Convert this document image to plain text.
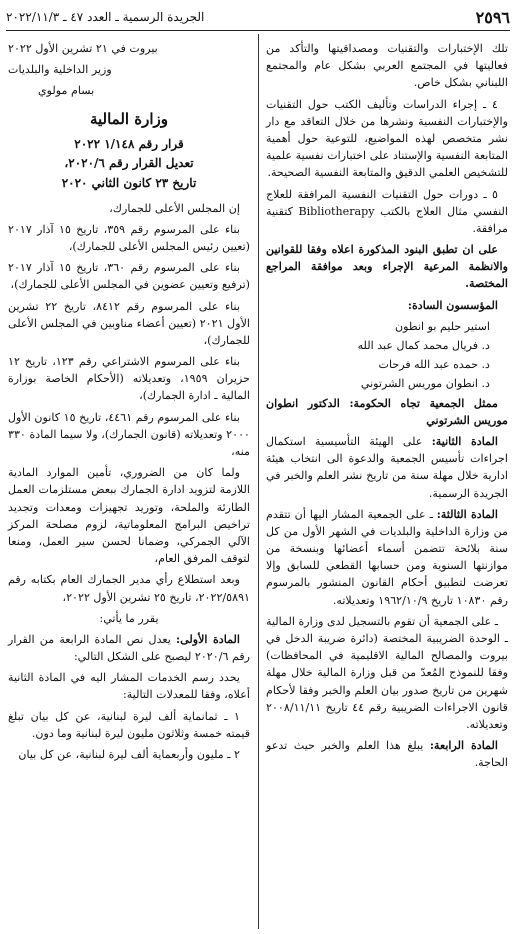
٢٥٩٦
الجريدة الرسمية ـ العدد ٤٧ ـ ٢٠٢٢/١١/٣

تلك الإختبارات والتقنيات ومصداقيتها والتأكد من فعاليتها في المجتمع العربي بشكل عام والمجتمع اللبناني بشكل خاص.

٤ ـ إجراء الدراسات وتأليف الكتب حول التقنيات والإختبارات النفسية ونشرها من خلال التعاقد مع دار نشر متخصص لهذه المواضيع، للتوعية حول أهمية المتابعة النفسية والإستناد على اختبارات نفسية علمية للتشخيص العلمي الدقيق والمتابعة النفسية الصحيحة.

٥ ـ دورات حول التقنيات النفسية المرافقة للعلاج النفسي مثال العلاج بالكتب Bibliotherapy كتقنية مرافقة.

على ان تطبق البنود المذكورة اعلاه وفقا للقوانين والانظمة المرعية الإجراء وبعد موافقة المراجع المختصة.

المؤسسون السادة:

استير حليم بو انطون

د. فريال محمد كمال عبد الله

د. حمده عبد الله فرحات

د. انطوان موريس الشرتوني

ممثل الجمعية تجاه الحكومة: الدكتور انطوان موريس الشرتوني

المادة الثانية: على الهيئة التأسيسية استكمال اجراءات تأسيس الجمعية والدعوة الى انتخاب هيئة ادارية خلال مهلة سنة من تاريخ نشر العلم والخبر في الجريدة الرسمية.

المادة الثالثة: ـ على الجمعية المشار اليها أن تتقدم من وزارة الداخلية والبلديات في الشهر الأول من كل سنة بلائحة تتضمن أسماء أعضائها وبنسخة من موازنتها السنوية ومن حسابها القطعي للسابق وإلا تعرضت لتطبيق أحكام القانون المنشور بالمرسوم رقم ١٠٨٣٠ تاريخ ١٩٦٢/١٠/٩ وتعديلاته.

ـ على الجمعية أن تقوم بالتسجيل لدى وزارة المالية ـ الوحدة الضريبية المختصة (دائرة ضريبة الدخل في بيروت والمصالح المالية الاقليمية في المحافظات) وفقا للنموذج المُعدّ من قبل وزارة المالية خلال مهلة شهرين من تاريخ صدور بيان العلم والخبر وفقا لأحكام قانون الاجراءات الضريبية رقم ٤٤ تاريخ ٢٠٠٨/١١/١١ وتعديلاته.

المادة الرابعة: يبلغ هذا العلم والخبر حيث تدعو الحاجة.

بيروت في ٢١ تشرين الأول ٢٠٢٢

وزير الداخلية والبلديات

بسام مولوي

وزارة المالية
قرار رقم ١/١٤٨ ٢٠٢٢
تعديل القرار رقم ٢٠٢٠/٦،
تاريخ ٢٣ كانون الثاني ٢٠٢٠

إن المجلس الأعلى للجمارك،

بناء على المرسوم رقم ٣٥٩، تاريخ ١٥ آذار ٢٠١٧ (تعيين رئيس المجلس الأعلى للجمارك)،

بناء على المرسوم رقم ٣٦٠، تاريخ ١٥ آذار ٢٠١٧ (ترفيع وتعيين عضوين في المجلس الأعلى للجمارك)،

بناء على المرسوم رقم ٨٤١٢، تاريخ ٢٢ تشرين الأول ٢٠٢١ (تعيين أعضاء مناوبين في المجلس الأعلى للجمارك)،

بناء على المرسوم الاشتراعي رقم ١٢٣، تاريخ ١٢ حزيران ١٩٥٩، وتعديلاته (الأحكام الخاصة بوزارة المالية ـ ادارة الجمارك)،

بناء على المرسوم رقم ٤٤٦١، تاريخ ١٥ كانون الأول ٢٠٠٠ وتعديلاته (قانون الجمارك)، ولا سيما المادة ٣٣٠ منه،

ولما كان من الضروري، تأمين الموارد المادية اللازمة لتزويد ادارة الجمارك ببعض مستلزمات العمل الطارئة والملحة، وتوريد تجهيزات ومعدات وتجديد تراخيص البرامج المعلوماتية، لزوم مصلحة المركز الآلي الجمركي، وضمانا لحسن سير العمل، ومنعا لتوقف المرفق العام،

وبعد استطلاع رأي مدير الجمارك العام بكتابه رقم ٢٠٢٢/٥٨٩١، تاريخ ٢٥ تشرين الأول ٢٠٢٢،

يقرر ما يأتي:

المادة الأولى: يعدل نص المادة الرابعة من القرار رقم ٢٠٢٠/٦ ليصبح على الشكل التالي:

يحدد رسم الخدمات المشار اليه في المادة الثانية أعلاه، وفقا للمعدلات التالية:

١ ـ ثمانماية ألف ليرة لبنانية، عن كل بيان تبلغ قيمته خمسة وثلاثون مليون ليرة لبنانية وما دون.

٢ ـ مليون وأربعماية ألف ليرة لبنانية، عن كل بيان
